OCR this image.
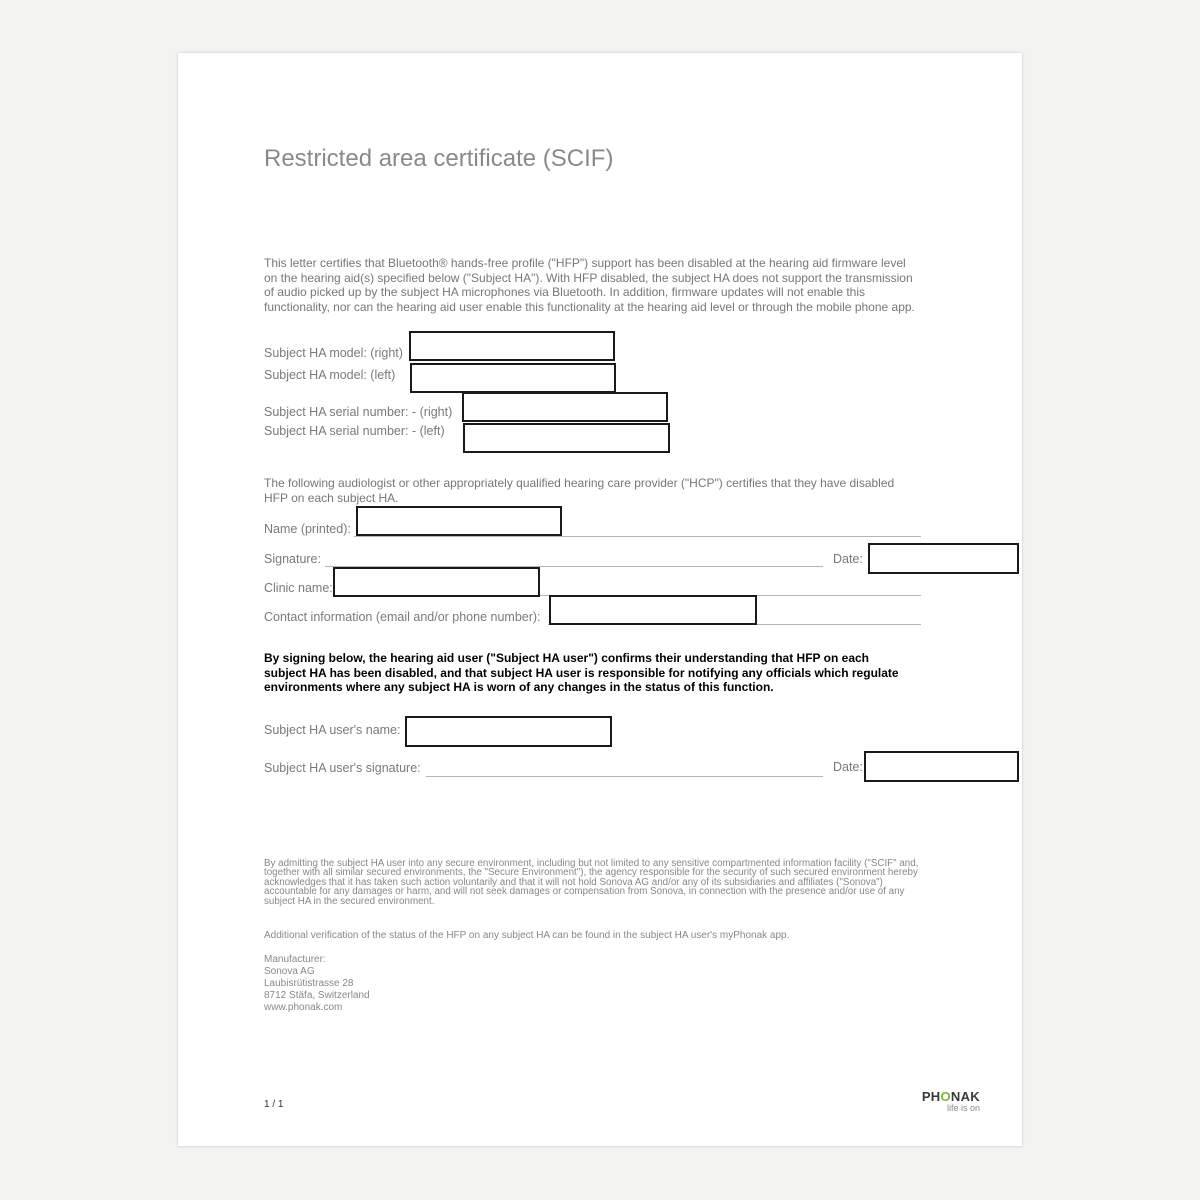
Restricted area certificate (SCIF)
This letter certifies that Bluetooth® hands-free profile ("HFP") support has been disabled at the hearing aid firmware level on the hearing aid(s) specified below ("Subject HA"). With HFP disabled, the subject HA does not support the transmission of audio picked up by the subject HA microphones via Bluetooth. In addition, firmware updates will not enable this functionality, nor can the hearing aid user enable this functionality at the hearing aid level or through the mobile phone app.
Subject HA model: (right)
Subject HA model: (left)
Subject HA serial number: - (right)
Subject HA serial number: - (left)
The following audiologist or other appropriately qualified hearing care provider ("HCP") certifies that they have disabled HFP on each subject HA.
Name (printed):
Signature:	Date:
Clinic name:
Contact information (email and/or phone number):
By signing below, the hearing aid user ("Subject HA user") confirms their understanding that HFP on each subject HA has been disabled, and that subject HA user is responsible for notifying any officials which regulate environments where any subject HA is worn of any changes in the status of this function.
Subject HA user's name:
Subject HA user's signature:	Date:
By admitting the subject HA user into any secure environment, including but not limited to any sensitive compartmented information facility ("SCIF" and, together with all similar secured environments, the "Secure Environment"), the agency responsible for the security of such secured environment hereby acknowledges that it has taken such action voluntarily and that it will not hold Sonova AG and/or any of its subsidiaries and affiliates ("Sonova") accountable for any damages or harm, and will not seek damages or compensation from Sonova, in connection with the presence and/or use of any subject HA in the secured environment.
Additional verification of the status of the HFP on any subject HA can be found in the subject HA user's myPhonak app.
Manufacturer:
Sonova AG
Laubisrütistrasse 28
8712 Stäfa, Switzerland
www.phonak.com
1 / 1
PHONAK
life is on
